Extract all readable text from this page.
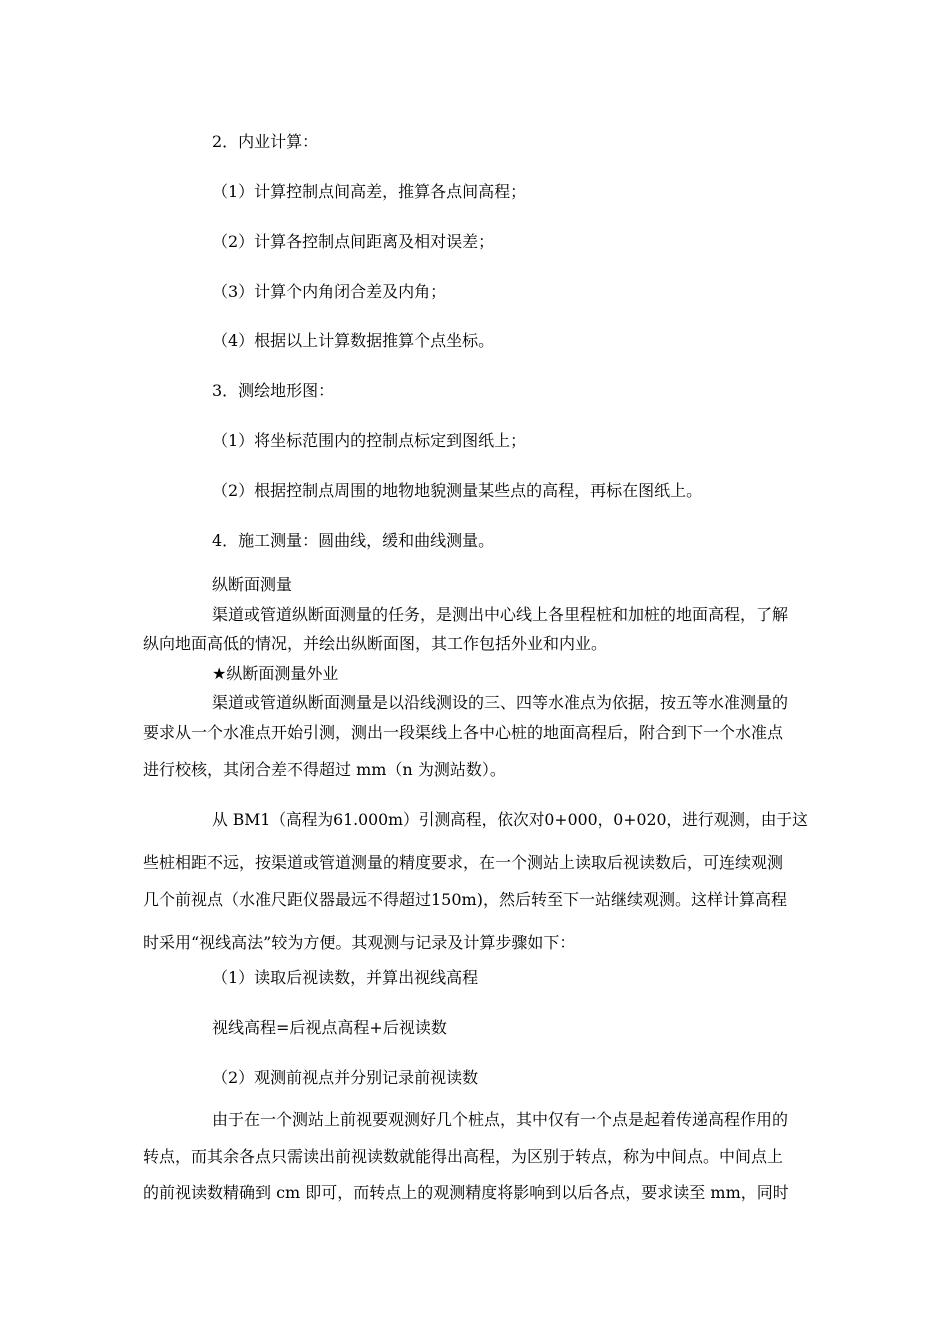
2．内业计算：
（1）计算控制点间高差，推算各点间高程；
（2）计算各控制点间距离及相对误差；
（3）计算个内角闭合差及内角；
（4）根据以上计算数据推算个点坐标。
3．测绘地形图：
（1）将坐标范围内的控制点标定到图纸上；
（2）根据控制点周围的地物地貌测量某些点的高程，再标在图纸上。
4．施工测量：圆曲线，缓和曲线测量。
纵断面测量
渠道或管道纵断面测量的任务，是测出中心线上各里程桩和加桩的地面高程，了解
纵向地面高低的情况，并绘出纵断面图，其工作包括外业和内业。
★纵断面测量外业
渠道或管道纵断面测量是以沿线测设的三、四等水准点为依据，按五等水准测量的
要求从一个水准点开始引测，测出一段渠线上各中心桩的地面高程后，附合到下一个水准点
进行校核，其闭合差不得超过 mm（n 为测站数）。
从 BM1（高程为61.000m）引测高程，依次对0+000，0+020，进行观测，由于这
些桩相距不远，按渠道或管道测量的精度要求，在一个测站上读取后视读数后，可连续观测
几个前视点（水准尺距仪器最远不得超过150m)，然后转至下一站继续观测。这样计算高程
时采用“视线高法”较为方便。其观测与记录及计算步骤如下：
（1）读取后视读数，并算出视线高程
视线高程=后视点高程+后视读数
（2）观测前视点并分别记录前视读数
由于在一个测站上前视要观测好几个桩点，其中仅有一个点是起着传递高程作用的
转点，而其余各点只需读出前视读数就能得出高程，为区别于转点，称为中间点。中间点上
的前视读数精确到 cm 即可，而转点上的观测精度将影响到以后各点，要求读至 mm，同时
